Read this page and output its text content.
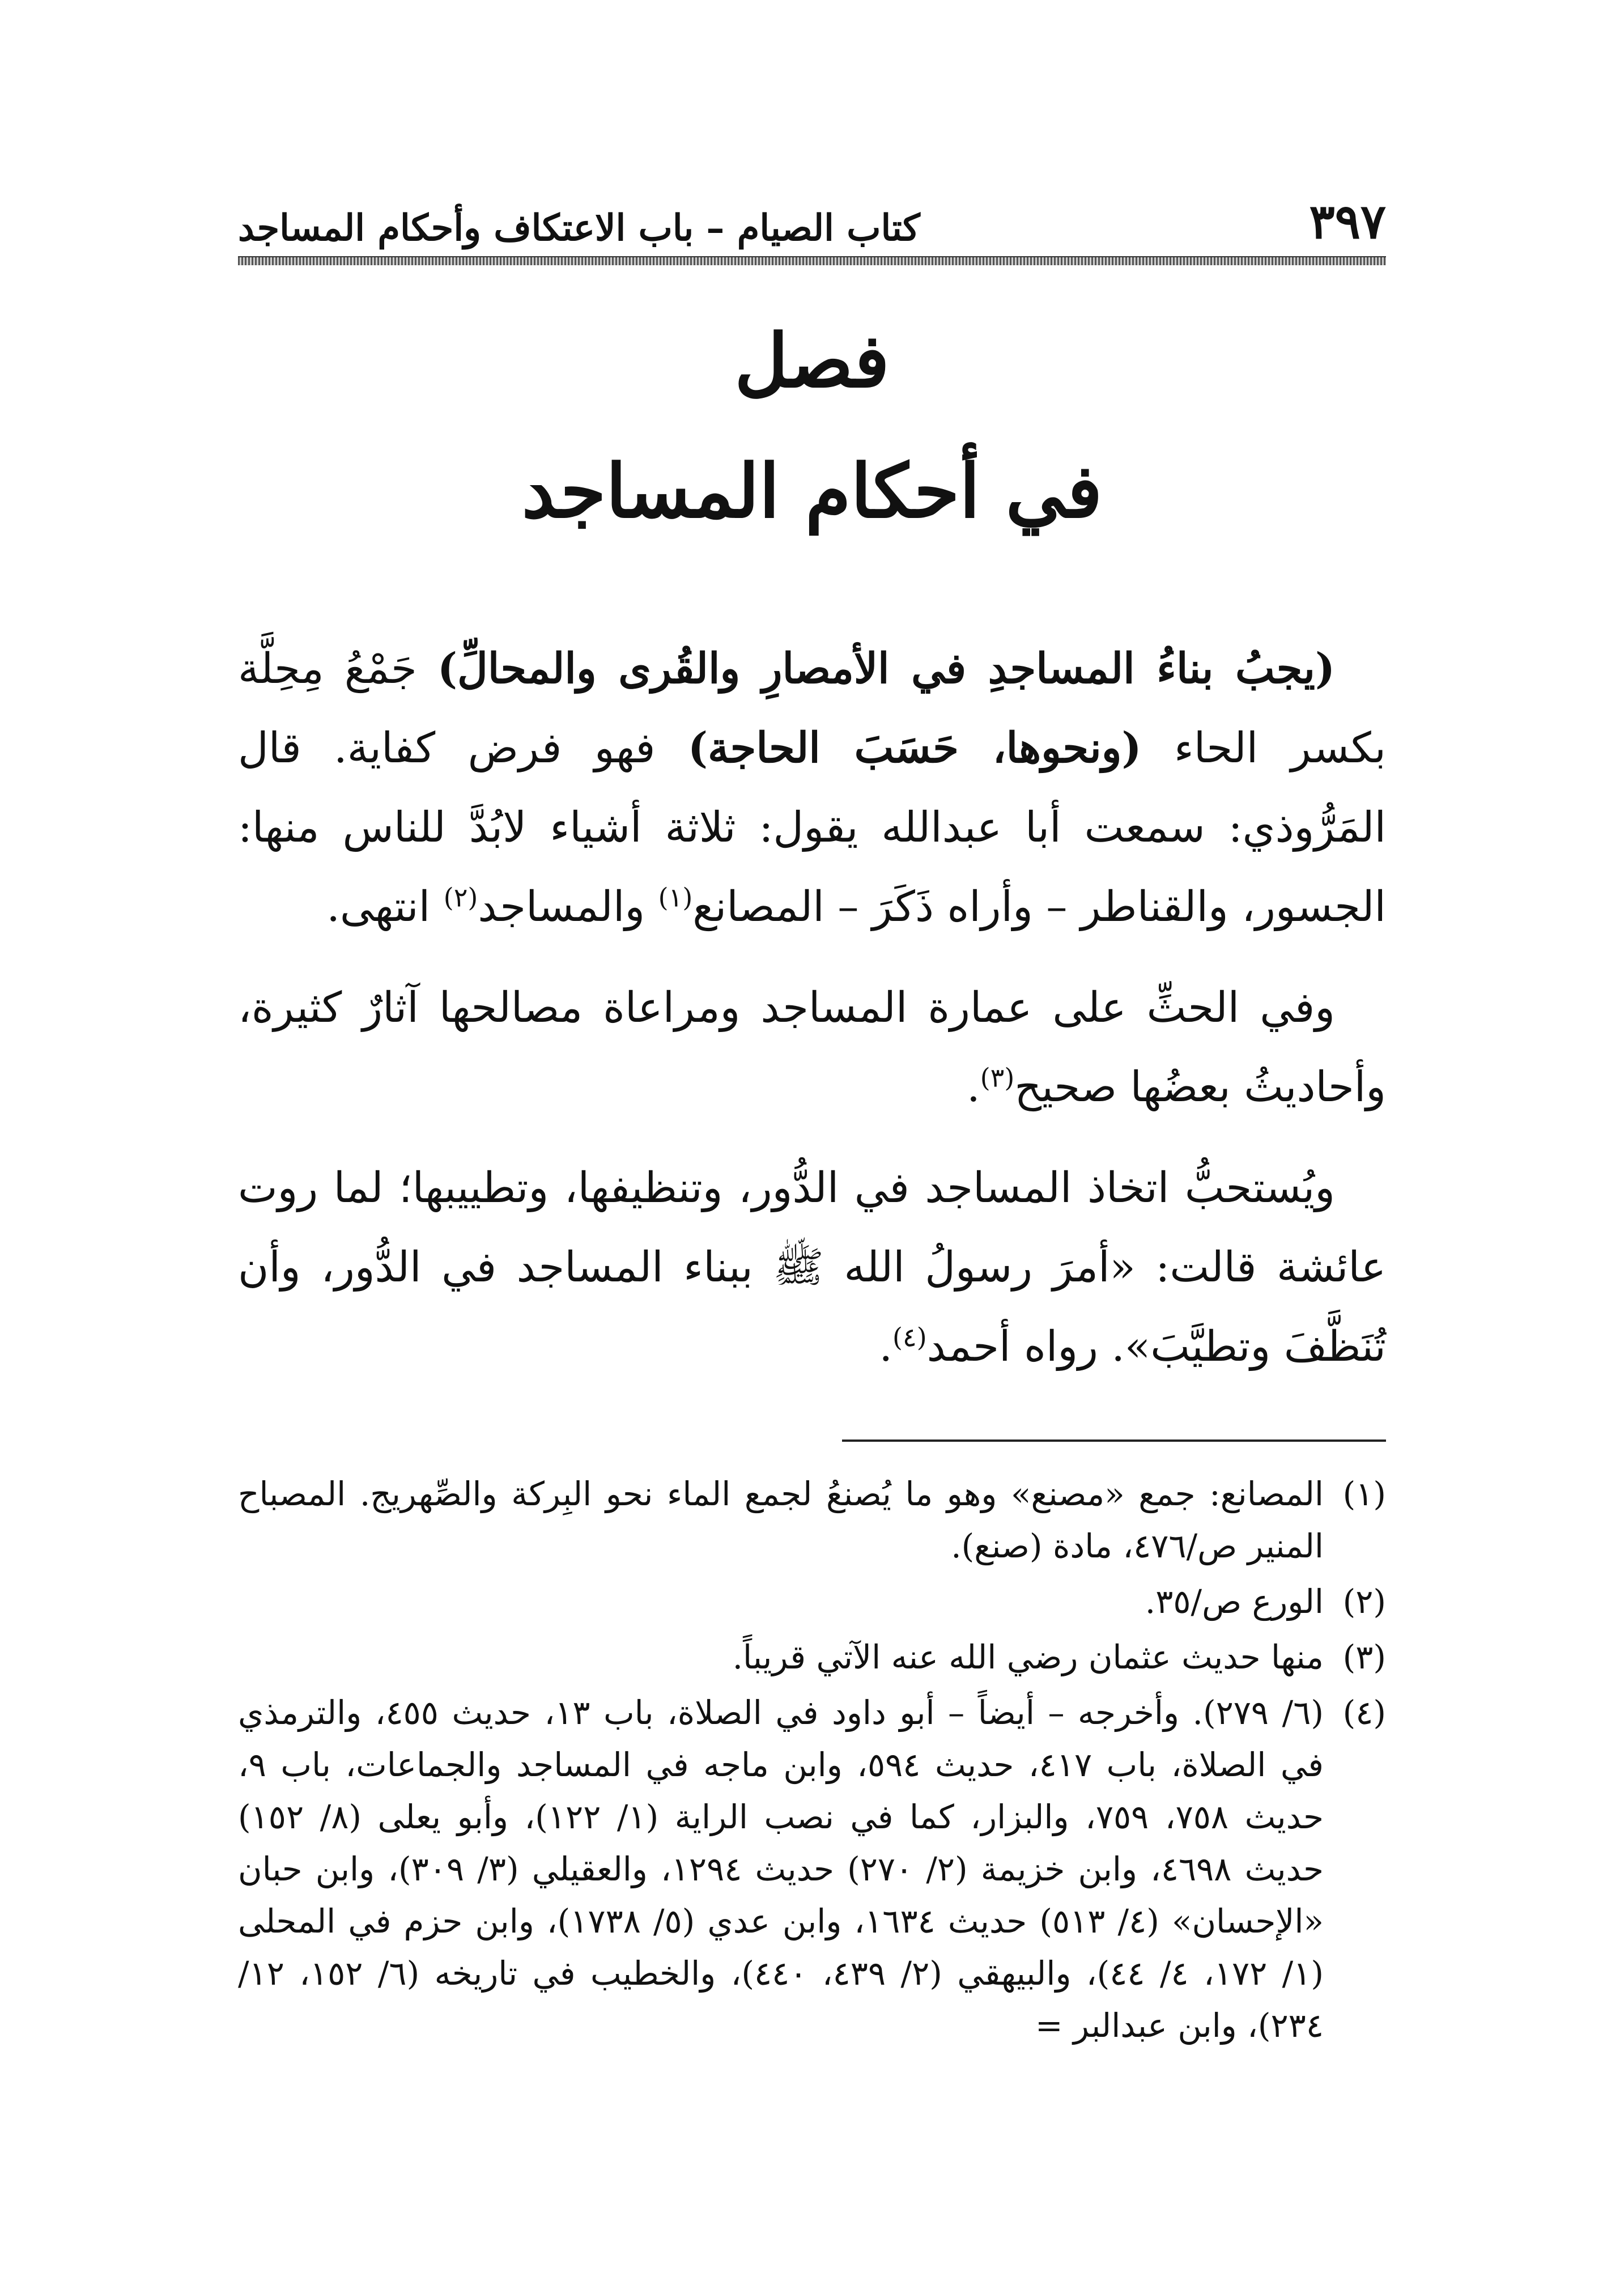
٣٩٧
كتاب الصيام – باب الاعتكاف وأحكام المساجد
فصل
في أحكام المساجد

(يجبُ بناءُ المساجدِ في الأمصارِ والقُرى والمحالِّ) جَمْعُ مِحِلَّة بكسر الحاء (ونحوها، حَسَبَ الحاجة) فهو فرض كفاية. قال المَرُّوذي: سمعت أبا عبدالله يقول: ثلاثة أشياء لابُدَّ للناس منها: الجسور، والقناطر – وأراه ذَكَرَ – المصانع$^{(١)}$ والمساجد$^{(٢)}$ انتهى.

وفي الحثِّ على عمارة المساجد ومراعاة مصالحها آثارٌ كثيرة، وأحاديثُ بعضُها صحيح$^{(٣)}$.

ويُستحبُّ اتخاذ المساجد في الدُّور، وتنظيفها، وتطييبها؛ لما روت عائشة قالت: «أمرَ رسولُ الله ﷺ ببناء المساجد في الدُّور، وأن تُنَظَّفَ وتطيَّبَ». رواه أحمد$^{(٤)}$.

(١)
المصانع: جمع «مصنع» وهو ما يُصنعُ لجمع الماء نحو البِركة والصِّهريج. المصباح المنير ص/٤٧٦، مادة (صنع).
(٢)
الورع ص/٣٥.
(٣)
منها حديث عثمان رضي الله عنه الآتي قريباً.
(٤)
(٦/ ٢٧٩). وأخرجه – أيضاً – أبو داود في الصلاة، باب ١٣، حديث ٤٥٥، والترمذي في الصلاة، باب ٤١٧، حديث ٥٩٤، وابن ماجه في المساجد والجماعات، باب ٩، حديث ٧٥٨، ٧٥٩، والبزار، كما في نصب الراية (١/ ١٢٢)، وأبو يعلى (٨/ ١٥٢) حديث ٤٦٩٨، وابن خزيمة (٢/ ٢٧٠) حديث ١٢٩٤، والعقيلي (٣/ ٣٠٩)، وابن حبان «الإحسان» (٤/ ٥١٣) حديث ١٦٣٤، وابن عدي (٥/ ١٧٣٨)، وابن حزم في المحلى (١/ ١٧٢، ٤/ ٤٤)، والبيهقي (٢/ ٤٣٩، ٤٤٠)، والخطيب في تاريخه (٦/ ١٥٢، ١٢/ ٢٣٤)، وابن عبدالبر =
